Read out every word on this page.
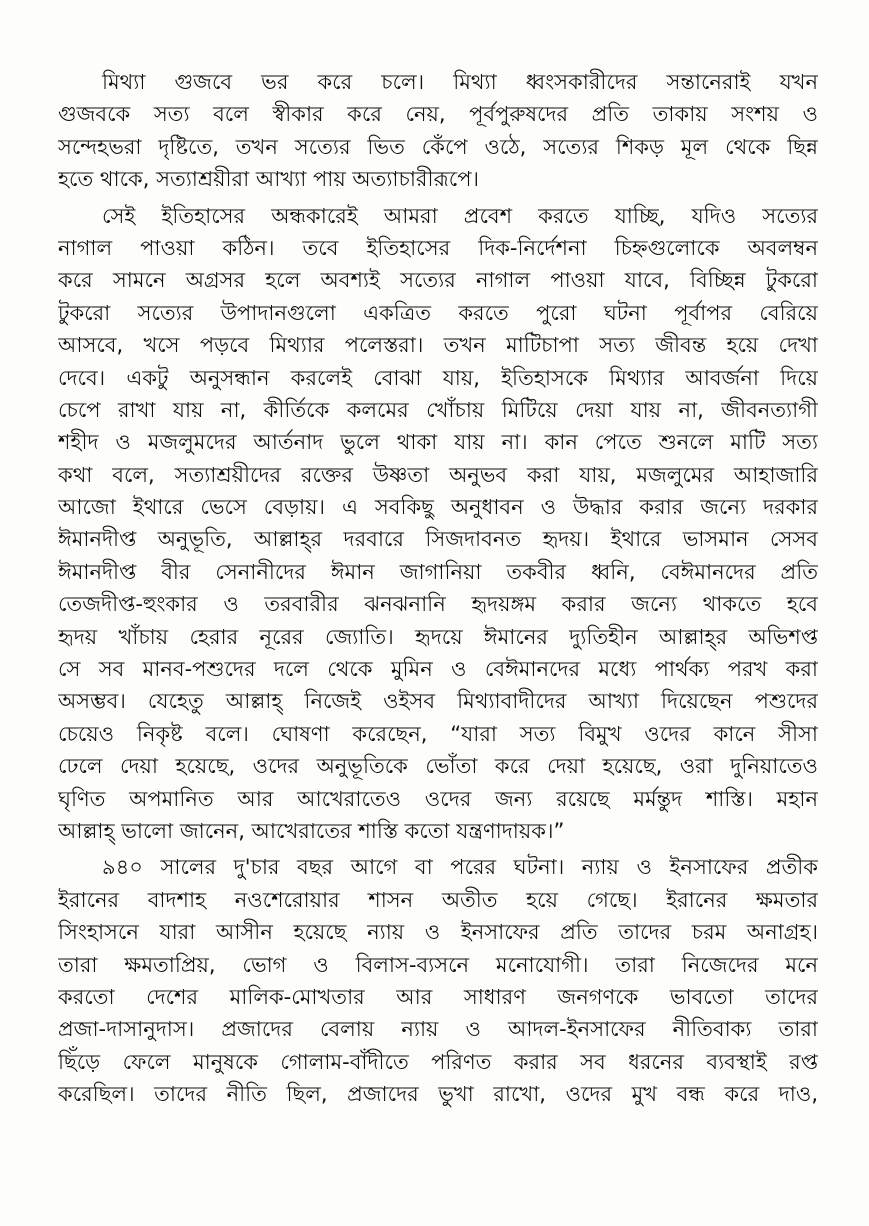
মিথ্যা গুজবে ভর করে চলে। মিথ্যা ধ্বংসকারীদের সন্তানেরাই যখন
গুজবকে সত্য বলে স্বীকার করে নেয়, পূর্বপুরুষদের প্রতি তাকায় সংশয় ও
সন্দেহভরা দৃষ্টিতে, তখন সত্যের ভিত কেঁপে ওঠে, সত্যের শিকড় মূল থেকে ছিন্ন
হতে থাকে, সত্যাশ্রয়ীরা আখ্যা পায় অত্যাচারীরূপে।
সেই ইতিহাসের অন্ধকারেই আমরা প্রবেশ করতে যাচ্ছি, যদিও সত্যের
নাগাল পাওয়া কঠিন। তবে ইতিহাসের দিক-নির্দেশনা চিহ্নগুলোকে অবলম্বন
করে সামনে অগ্রসর হলে অবশ্যই সত্যের নাগাল পাওয়া যাবে, বিচ্ছিন্ন টুকরো
টুকরো সত্যের উপাদানগুলো একত্রিত করতে পুরো ঘটনা পূর্বাপর বেরিয়ে
আসবে, খসে পড়বে মিথ্যার পলেস্তরা। তখন মাটিচাপা সত্য জীবন্ত হয়ে দেখা
দেবে। একটু অনুসন্ধান করলেই বোঝা যায়, ইতিহাসকে মিথ্যার আবর্জনা দিয়ে
চেপে রাখা যায় না, কীর্তিকে কলমের খোঁচায় মিটিয়ে দেয়া যায় না, জীবনত্যাগী
শহীদ ও মজলুমদের আর্তনাদ ভুলে থাকা যায় না। কান পেতে শুনলে মাটি সত্য
কথা বলে, সত্যাশ্রয়ীদের রক্তের উষ্ণতা অনুভব করা যায়, মজলুমের আহাজারি
আজো ইথারে ভেসে বেড়ায়। এ সবকিছু অনুধাবন ও উদ্ধার করার জন্যে দরকার
ঈমানদীপ্ত অনুভূতি, আল্লাহ্‌র দরবারে সিজদাবনত হৃদয়। ইথারে ভাসমান সেসব
ঈমানদীপ্ত বীর সেনানীদের ঈমান জাগানিয়া তকবীর ধ্বনি, বেঈমানদের প্রতি
তেজদীপ্ত-হুংকার ও তরবারীর ঝনঝনানি হৃদয়ঙ্গম করার জন্যে থাকতে হবে
হৃদয় খাঁচায় হেরার নূরের জ্যোতি। হৃদয়ে ঈমানের দ্যুতিহীন আল্লাহ্‌র অভিশপ্ত
সে সব মানব-পশুদের দলে থেকে মুমিন ও বেঈমানদের মধ্যে পার্থক্য পরখ করা
অসম্ভব। যেহেতু আল্লাহ্‌ নিজেই ওইসব মিথ্যাবাদীদের আখ্যা দিয়েছেন পশুদের
চেয়েও নিকৃষ্ট বলে। ঘোষণা করেছেন, “যারা সত্য বিমুখ ওদের কানে সীসা
ঢেলে দেয়া হয়েছে, ওদের অনুভূতিকে ভোঁতা করে দেয়া হয়েছে, ওরা দুনিয়াতেও
ঘৃণিত অপমানিত আর আখেরাতেও ওদের জন্য রয়েছে মর্মন্তুদ শাস্তি। মহান
আল্লাহ্‌ ভালো জানেন, আখেরাতের শাস্তি কতো যন্ত্রণাদায়ক।”
৯৪০ সালের দু'চার বছর আগে বা পরের ঘটনা। ন্যায় ও ইনসাফের প্রতীক
ইরানের বাদশাহ নওশেরোয়ার শাসন অতীত হয়ে গেছে। ইরানের ক্ষমতার
সিংহাসনে যারা আসীন হয়েছে ন্যায় ও ইনসাফের প্রতি তাদের চরম অনাগ্রহ।
তারা ক্ষমতাপ্রিয়, ভোগ ও বিলাস-ব্যসনে মনোযোগী। তারা নিজেদের মনে
করতো দেশের মালিক-মোখতার আর সাধারণ জনগণকে ভাবতো তাদের
প্রজা-দাসানুদাস। প্রজাদের বেলায় ন্যায় ও আদল-ইনসাফের নীতিবাক্য তারা
ছিঁড়ে ফেলে মানুষকে গোলাম-বাঁদীতে পরিণত করার সব ধরনের ব্যবস্থাই রপ্ত
করেছিল। তাদের নীতি ছিল, প্রজাদের ভুখা রাখো, ওদের মুখ বন্ধ করে দাও,
